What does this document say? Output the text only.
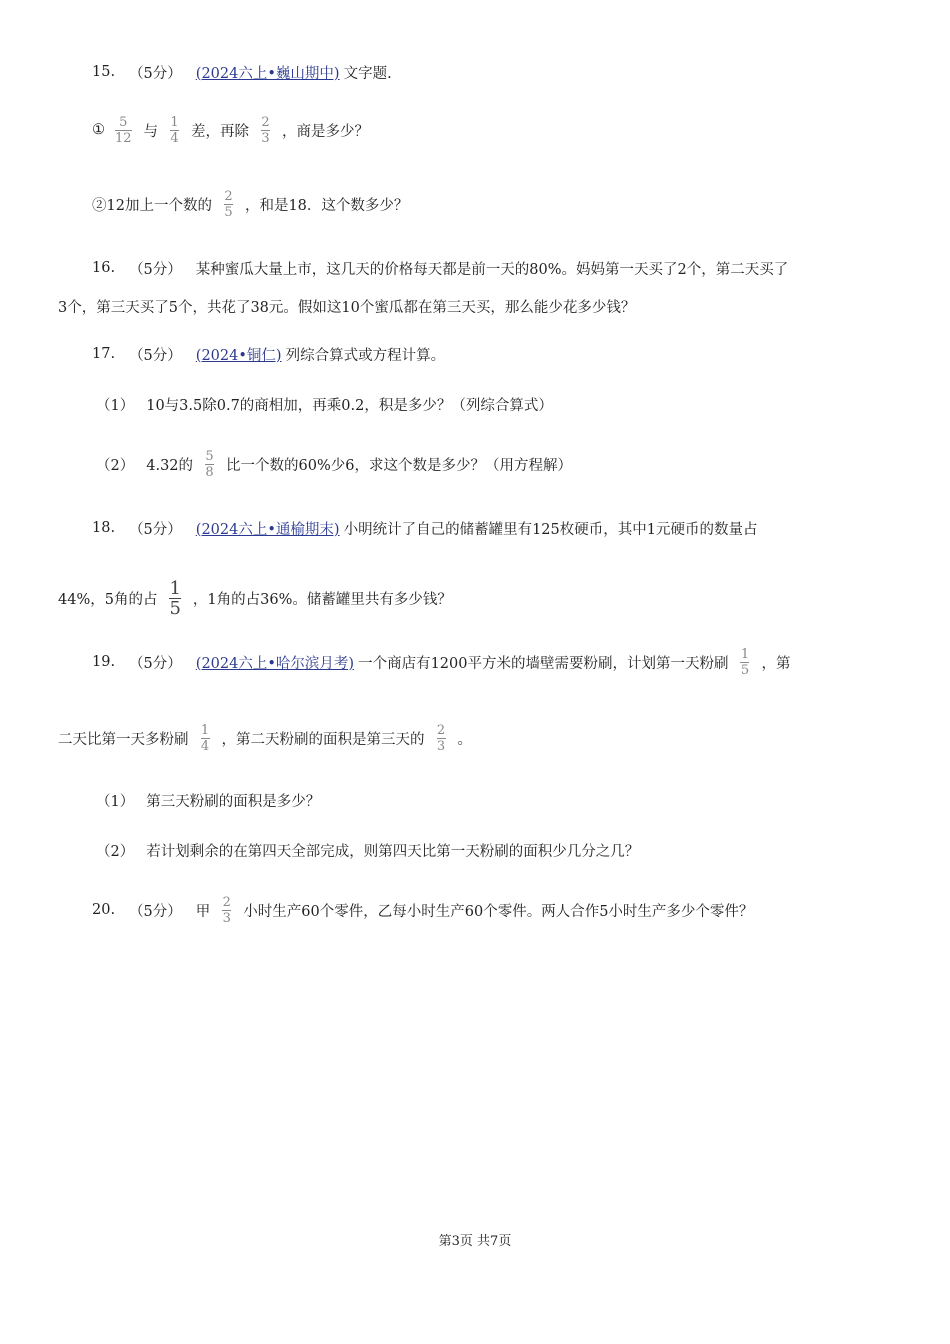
15. （5分） (2024六上•巍山期中) 文字题.
① $\frac{5}{12}$ 与 $\frac{1}{4}$ 差，再除 $\frac{2}{3}$ ，商是多少？
②12加上一个数的 $\frac{2}{5}$ ，和是18．这个数多少？
16. （5分） 某种蜜瓜大量上市，这几天的价格每天都是前一天的80%。妈妈第一天买了2个，第二天买了
3个，第三天买了5个，共花了38元。假如这10个蜜瓜都在第三天买，那么能少花多少钱？
17. （5分） (2024•铜仁) 列综合算式或方程计算。
（1） 10与3.5除0.7的商相加，再乘0.2，积是多少？（列综合算式）
（2） 4.32的 $\frac{5}{8}$ 比一个数的60%少6，求这个数是多少？（用方程解）
18. （5分） (2024六上•通榆期末) 小明统计了自己的储蓄罐里有125枚硬币，其中1元硬币的数量占
44%，5角的占 $\frac{1}{5}$ ，1角的占36%。储蓄罐里共有多少钱？
19. （5分） (2024六上•哈尔滨月考) 一个商店有1200平方米的墙壁需要粉刷，计划第一天粉刷 $\frac{1}{5}$ ，第
二天比第一天多粉刷 $\frac{1}{4}$ ，第二天粉刷的面积是第三天的 $\frac{2}{3}$ 。
（1） 第三天粉刷的面积是多少？
（2） 若计划剩余的在第四天全部完成，则第四天比第一天粉刷的面积少几分之几？
20. （5分） 甲 $\frac{2}{3}$ 小时生产60个零件，乙每小时生产60个零件。两人合作5小时生产多少个零件？
第3页 共7页
